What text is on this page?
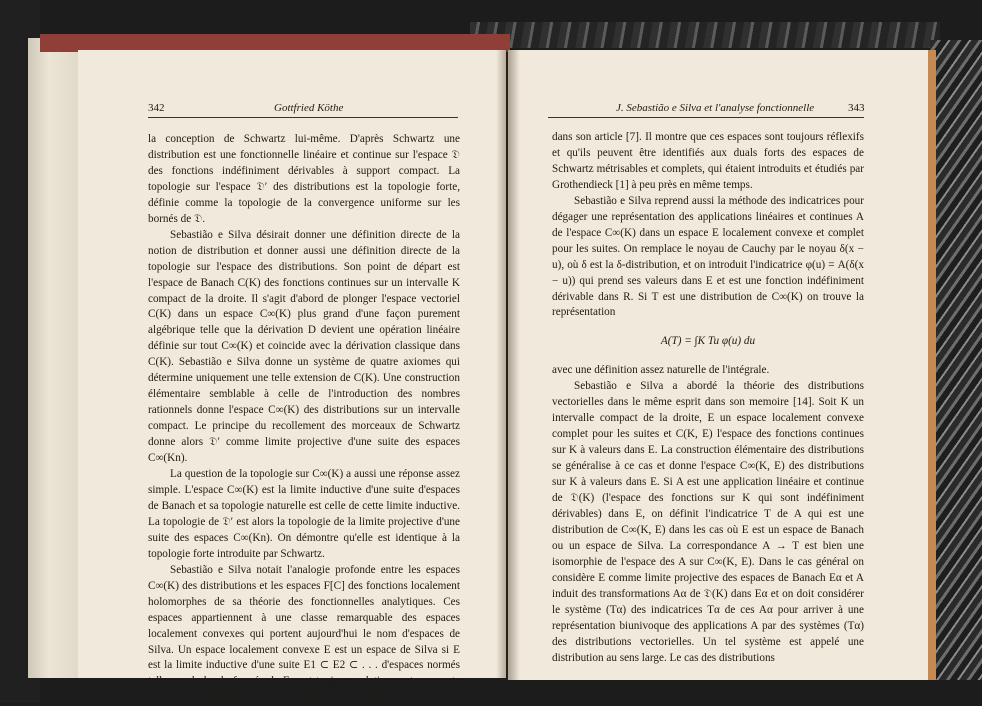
342	Gottfried Köthe

la conception de Schwartz lui-même. D'après Schwartz une distribution est une fonctionnelle linéaire et continue sur l'espace 𝔇 des fonctions indéfiniment dérivables à support compact. La topologie sur l'espace 𝔇′ des distributions est la topologie forte, définie comme la topologie de la convergence uniforme sur les bornés de 𝔇.

Sebastião e Silva désirait donner une définition directe de la notion de distribution et donner aussi une définition directe de la topologie sur l'espace des distributions. Son point de départ est l'espace de Banach C(K) des fonctions continues sur un intervalle K compact de la droite. Il s'agit d'abord de plonger l'espace vectoriel C(K) dans un espace C∞(K) plus grand d'une façon purement algébrique telle que la dérivation D devient une opération linéaire définie sur tout C∞(K) et coincide avec la dérivation classique dans C(K). Sebastião e Silva donne un système de quatre axiomes qui détermine uniquement une telle extension de C(K). Une construction élémentaire semblable à celle de l'introduction des nombres rationnels donne l'espace C∞(K) des distributions sur un intervalle compact. Le principe du recollement des morceaux de Schwartz donne alors 𝔇′ comme limite projective d'une suite des espaces C∞(Kn).

La question de la topologie sur C∞(K) a aussi une réponse assez simple. L'espace C∞(K) est la limite inductive d'une suite d'espaces de Banach et sa topologie naturelle est celle de cette limite inductive. La topologie de 𝔇′ est alors la topologie de la limite projective d'une suite des espaces C∞(Kn). On démontre qu'elle est identique à la topologie forte introduite par Schwartz.

Sebastião e Silva notait l'analogie profonde entre les espaces C∞(K) des distributions et les espaces F[C] des fonctions localement holomorphes de sa théorie des fonctionnelles analytiques. Ces espaces appartiennent à une classe remarquable des espaces localement convexes qui portent aujourd'hui le nom d'espaces de Silva. Un espace localement convexe E est un espace de Silva si E est la limite inductive d'une suite E1 ⊂ E2 ⊂ . . . d'espaces normés telle que la boule fermée de En est toujours relativement compacte dans En+1. Sebastião e Silva fait l'étude de ces espaces

J. Sebastião e Silva et l'analyse fonctionnelle	343

dans son article [7]. Il montre que ces espaces sont toujours réflexifs et qu'ils peuvent être identifiés aux duals forts des espaces de Schwartz métrisables et complets, qui étaient introduits et étudiés par Grothendieck [1] à peu près en même temps.

Sebastião e Silva reprend aussi la méthode des indicatrices pour dégager une représentation des applications linéaires et continues A de l'espace C∞(K) dans un espace E localement convexe et complet pour les suites. On remplace le noyau de Cauchy par le noyau δ(x − u), où δ est la δ-distribution, et on introduit l'indicatrice φ(u) = A(δ(x − u)) qui prend ses valeurs dans E et est une fonction indéfiniment dérivable dans R. Si T est une distribution de C∞(K) on trouve la représentation

A(T) = ∫K Tu φ(u) du

avec une définition assez naturelle de l'intégrale.

Sebastião e Silva a abordé la théorie des distributions vectorielles dans le même esprit dans son memoire [14]. Soit K un intervalle compact de la droite, E un espace localement convexe complet pour les suites et C(K, E) l'espace des fonctions continues sur K à valeurs dans E. La construction élémentaire des distributions se généralise à ce cas et donne l'espace C∞(K, E) des distributions sur K à valeurs dans E. Si A est une application linéaire et continue de 𝔇(K) (l'espace des fonctions sur K qui sont indéfiniment dérivables) dans E, on définit l'indicatrice T de A qui est une distribution de C∞(K, E) dans les cas où E est un espace de Banach ou un espace de Silva. La correspondance A → T est bien une isomorphie de l'espace des A sur C∞(K, E). Dans le cas général on considère E comme limite projective des espaces de Banach Eα et A induit des transformations Aα de 𝔇(K) dans Eα et on doit considérer le système (Tα) des indicatrices Tα de ces Aα pour arriver à une représentation biunivoque des applications A par des systèmes (Tα) des distributions vectorielles. Un tel système est appelé une distribution au sens large. Le cas des distributions
